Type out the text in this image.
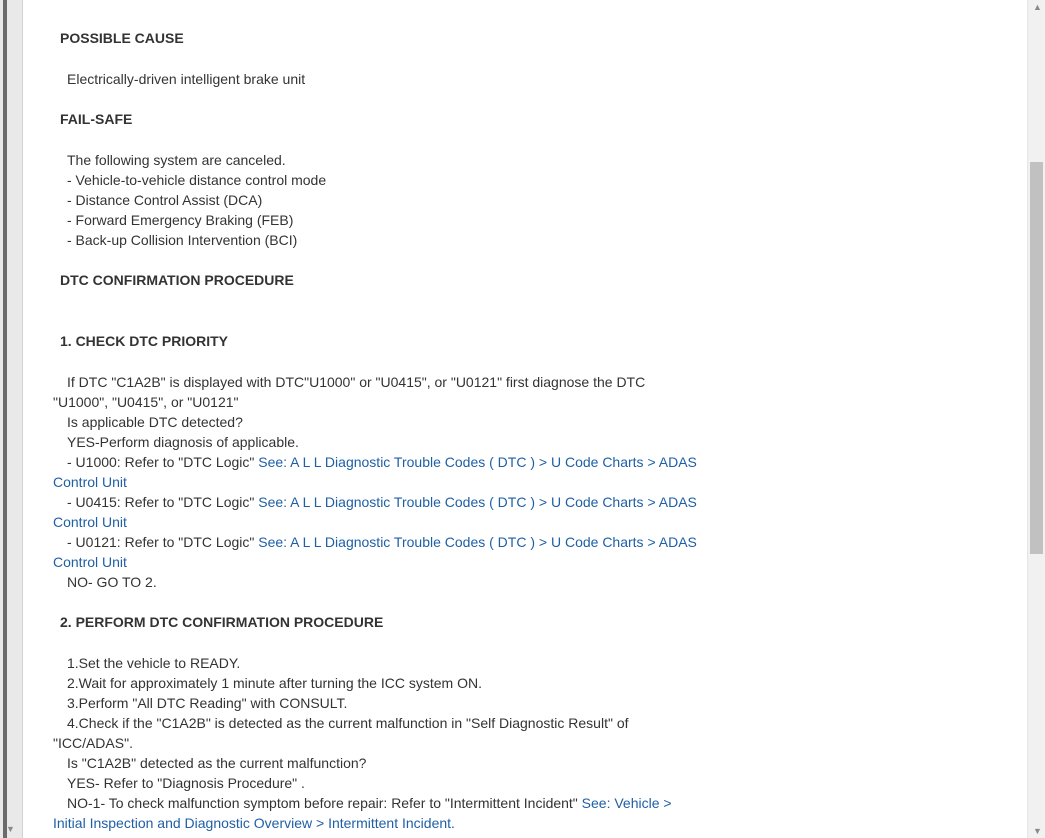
▼
POSSIBLE CAUSE
Electrically-driven intelligent brake unit
FAIL-SAFE
The following system are canceled.
- Vehicle-to-vehicle distance control mode
- Distance Control Assist (DCA)
- Forward Emergency Braking (FEB)
- Back-up Collision Intervention (BCI)
DTC CONFIRMATION PROCEDURE
1. CHECK DTC PRIORITY
If DTC "C1A2B" is displayed with DTC"U1000" or "U0415", or "U0121" first diagnose the DTC
"U1000", "U0415", or "U0121"
Is applicable DTC detected?
YES-Perform diagnosis of applicable.
- U1000: Refer to "DTC Logic" See: A L L Diagnostic Trouble Codes ( DTC ) > U Code Charts > ADAS
Control Unit
- U0415: Refer to "DTC Logic" See: A L L Diagnostic Trouble Codes ( DTC ) > U Code Charts > ADAS
Control Unit
- U0121: Refer to "DTC Logic" See: A L L Diagnostic Trouble Codes ( DTC ) > U Code Charts > ADAS
Control Unit
NO- GO TO 2.
2. PERFORM DTC CONFIRMATION PROCEDURE
1.Set the vehicle to READY.
2.Wait for approximately 1 minute after turning the ICC system ON.
3.Perform "All DTC Reading" with CONSULT.
4.Check if the "C1A2B" is detected as the current malfunction in "Self Diagnostic Result" of
"ICC/ADAS".
Is "C1A2B" detected as the current malfunction?
YES- Refer to "Diagnosis Procedure" .
NO-1- To check malfunction symptom before repair: Refer to "Intermittent Incident" See: Vehicle >
Initial Inspection and Diagnostic Overview > Intermittent Incident.
▲
▼
